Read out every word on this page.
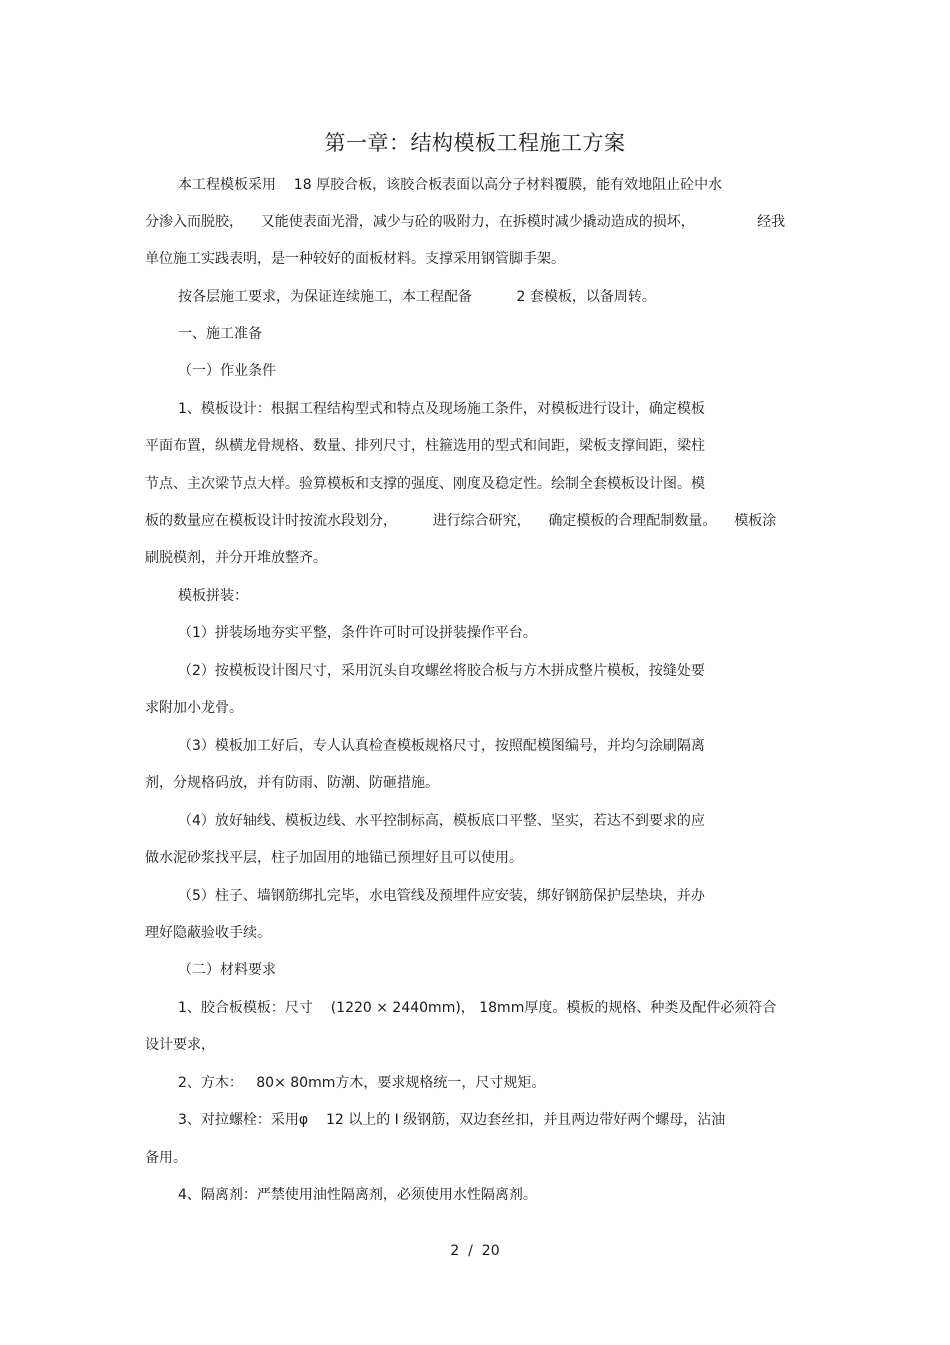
第一章：结构模板工程施工方案
本工程模板采用    18 厚胶合板，该胶合板表面以高分子材料覆膜，能有效地阻止砼中水
分渗入而脱胶，    又能使表面光滑，减少与砼的吸附力，在拆模时减少撬动造成的损坏，              经我
单位施工实践表明，是一种较好的面板材料。支撑采用钢管脚手架。
按各层施工要求，为保证连续施工，本工程配备          2 套模板，以备周转。
一、施工准备
（一）作业条件
1、模板设计：根据工程结构型式和特点及现场施工条件，对模板进行设计，确定模板
平面布置，纵横龙骨规格、数量、排列尺寸，柱箍选用的型式和间距，梁板支撑间距，梁柱
节点、主次梁节点大样。验算模板和支撑的强度、刚度及稳定性。绘制全套模板设计图。模
板的数量应在模板设计时按流水段划分，        进行综合研究，    确定模板的合理配制数量。    模板涂
刷脱模剂，并分开堆放整齐。
模板拼装：
（1）拼装场地夯实平整，条件许可时可设拼装操作平台。
（2）按模板设计图尺寸，采用沉头自攻螺丝将胶合板与方木拼成整片模板，按缝处要
求附加小龙骨。
（3）模板加工好后，专人认真检查模板规格尺寸，按照配模图编号，并均匀涂刷隔离
剂，分规格码放，并有防雨、防潮、防砸措施。
（4）放好轴线、模板边线、水平控制标高，模板底口平整、坚实，若达不到要求的应
做水泥砂浆找平层，柱子加固用的地锚已预埋好且可以使用。
（5）柱子、墙钢筋绑扎完毕，水电管线及预埋件应安装，绑好钢筋保护层垫块，并办
理好隐蔽验收手续。
（二）材料要求
1、胶合板模板：尺寸    (1220 × 2440mm)， 18mm厚度。模板的规格、种类及配件必须符合
设计要求，
2、方木：   80× 80mm方木，要求规格统一，尺寸规矩。
3、对拉螺栓：采用φ    12 以上的 I 级钢筋，双边套丝扣，并且两边带好两个螺母，沾油
备用。
4、隔离剂：严禁使用油性隔离剂，必须使用水性隔离剂。
2  /  20
